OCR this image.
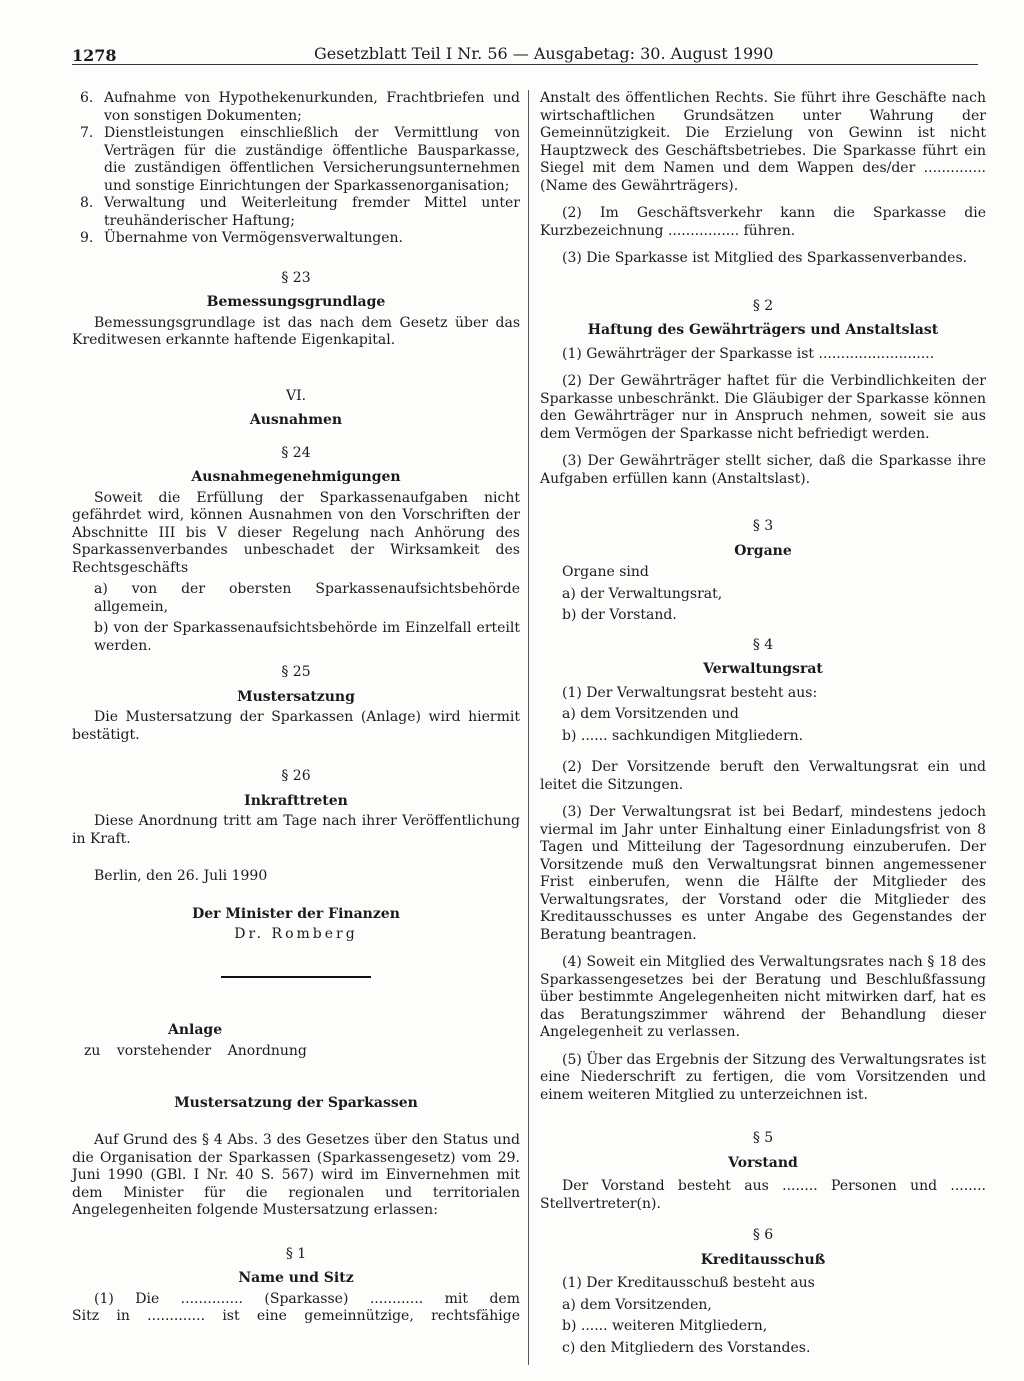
1278	Gesetzblatt Teil I Nr. 56 — Ausgabetag: 30. August 1990
6. Aufnahme von Hypothekenurkunden, Frachtbriefen und von sonstigen Dokumenten;
7. Dienstleistungen einschließlich der Vermittlung von Verträgen für die zuständige öffentliche Bausparkasse, die zuständigen öffentlichen Versicherungsunternehmen und sonstige Einrichtungen der Sparkassenorganisation;
8. Verwaltung und Weiterleitung fremder Mittel unter treuhänderischer Haftung;
9. Übernahme von Vermögensverwaltungen.

§ 23

Bemessungsgrundlage

Bemessungsgrundlage ist das nach dem Gesetz über das Kreditwesen erkannte haftende Eigenkapital.

VI.

Ausnahmen

§ 24

Ausnahmegenehmigungen

Soweit die Erfüllung der Sparkassenaufgaben nicht gefährdet wird, können Ausnahmen von den Vorschriften der Abschnitte III bis V dieser Regelung nach Anhörung des Sparkassenverbandes unbeschadet der Wirksamkeit des Rechtsgeschäfts

a) von der obersten Sparkassenaufsichtsbehörde allgemein,

b) von der Sparkassenaufsichtsbehörde im Einzelfall erteilt werden.

§ 25

Mustersatzung

Die Mustersatzung der Sparkassen (Anlage) wird hiermit bestätigt.

§ 26

Inkrafttreten

Diese Anordnung tritt am Tage nach ihrer Veröffentlichung in Kraft.

Berlin, den 26. Juli 1990

Der Minister der Finanzen

Dr. Romberg

Anlage

zu vorstehender Anordnung

Mustersatzung der Sparkassen

Auf Grund des § 4 Abs. 3 des Gesetzes über den Status und die Organisation der Sparkassen (Sparkassengesetz) vom 29. Juni 1990 (GBl. I Nr. 40 S. 567) wird im Einvernehmen mit dem Minister für die regionalen und territorialen Angelegenheiten folgende Mustersatzung erlassen:

§ 1

Name und Sitz

(1) Die .............. (Sparkasse) ............ mit dem

Sitz in ............. ist eine gemeinnützige, rechtsfähige

Anstalt des öffentlichen Rechts. Sie führt ihre Geschäfte nach wirtschaftlichen Grundsätzen unter Wahrung der Gemeinnützigkeit. Die Erzielung von Gewinn ist nicht Hauptzweck des Geschäftsbetriebes. Die Sparkasse führt ein Siegel mit dem Namen und dem Wappen des/der .............. (Name des Gewährträgers).

(2) Im Geschäftsverkehr kann die Sparkasse die Kurzbezeichnung ................ führen.

(3) Die Sparkasse ist Mitglied des Sparkassenverbandes.

§ 2

Haftung des Gewährträgers und Anstaltslast

(1) Gewährträger der Sparkasse ist ..........................

(2) Der Gewährträger haftet für die Verbindlichkeiten der Sparkasse unbeschränkt. Die Gläubiger der Sparkasse können den Gewährträger nur in Anspruch nehmen, soweit sie aus dem Vermögen der Sparkasse nicht befriedigt werden.

(3) Der Gewährträger stellt sicher, daß die Sparkasse ihre Aufgaben erfüllen kann (Anstaltslast).

§ 3

Organe

Organe sind

a) der Verwaltungsrat,

b) der Vorstand.

§ 4

Verwaltungsrat

(1) Der Verwaltungsrat besteht aus:

a) dem Vorsitzenden und

b) ...... sachkundigen Mitgliedern.

(2) Der Vorsitzende beruft den Verwaltungsrat ein und leitet die Sitzungen.

(3) Der Verwaltungsrat ist bei Bedarf, mindestens jedoch viermal im Jahr unter Einhaltung einer Einladungsfrist von 8 Tagen und Mitteilung der Tagesordnung einzuberufen. Der Vorsitzende muß den Verwaltungsrat binnen angemessener Frist einberufen, wenn die Hälfte der Mitglieder des Verwaltungsrates, der Vorstand oder die Mitglieder des Kreditausschusses es unter Angabe des Gegenstandes der Beratung beantragen.

(4) Soweit ein Mitglied des Verwaltungsrates nach § 18 des Sparkassengesetzes bei der Beratung und Beschlußfassung über bestimmte Angelegenheiten nicht mitwirken darf, hat es das Beratungszimmer während der Behandlung dieser Angelegenheit zu verlassen.

(5) Über das Ergebnis der Sitzung des Verwaltungsrates ist eine Niederschrift zu fertigen, die vom Vorsitzenden und einem weiteren Mitglied zu unterzeichnen ist.

§ 5

Vorstand

Der Vorstand besteht aus ........ Personen und ........ Stellvertreter(n).

§ 6

Kreditausschuß

(1) Der Kreditausschuß besteht aus

a) dem Vorsitzenden,

b) ...... weiteren Mitgliedern,

c) den Mitgliedern des Vorstandes.
